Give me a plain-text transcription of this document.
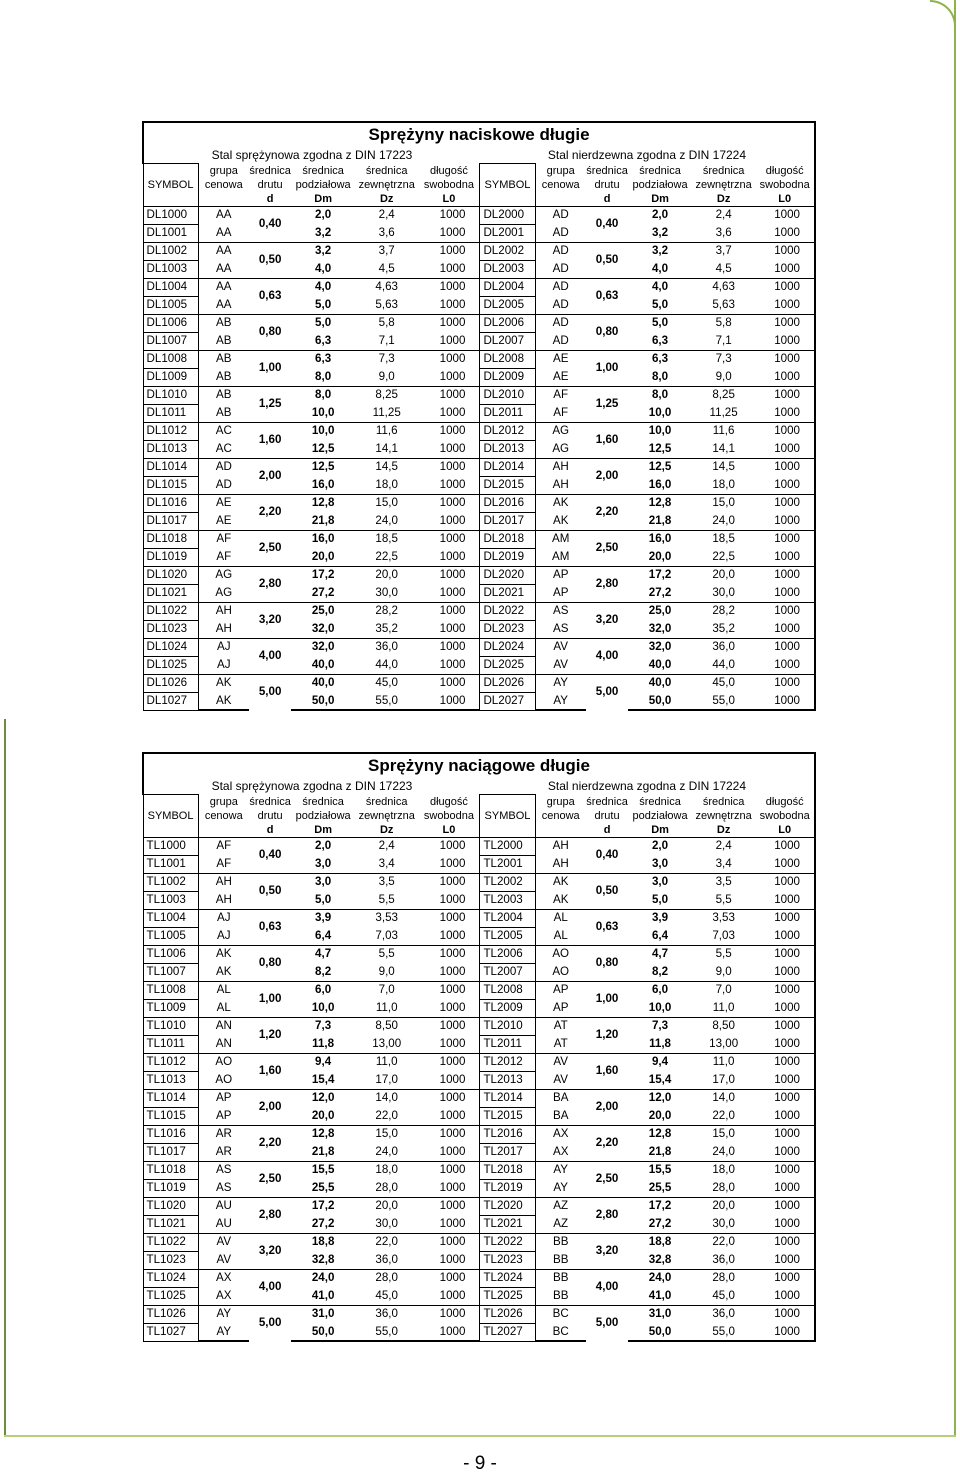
Sprężyny naciskowe długie											
Stal sprężynowa zgodna z DIN 17223						Stal nierdzewna zgodna z DIN 17224					
SYMBOL	grupa	średnica	średnica	średnica	długość	SYMBOL	grupa	średnica	średnica	średnica	długość
	cenowa	drutu	podziałowa	zewnętrzna	swobodna		cenowa	drutu	podziałowa	zewnętrzna	swobodna
		d	Dm	Dz	L0			d	Dm	Dz	L0
DL1000	AA	0,40	2,0	2,4	1000	DL2000	AD	0,40	2,0	2,4	1000
DL1001	AA		3,2	3,6	1000	DL2001	AD		3,2	3,6	1000
DL1002	AA	0,50	3,2	3,7	1000	DL2002	AD	0,50	3,2	3,7	1000
DL1003	AA		4,0	4,5	1000	DL2003	AD		4,0	4,5	1000
DL1004	AA	0,63	4,0	4,63	1000	DL2004	AD	0,63	4,0	4,63	1000
DL1005	AA		5,0	5,63	1000	DL2005	AD		5,0	5,63	1000
DL1006	AB	0,80	5,0	5,8	1000	DL2006	AD	0,80	5,0	5,8	1000
DL1007	AB		6,3	7,1	1000	DL2007	AD		6,3	7,1	1000
DL1008	AB	1,00	6,3	7,3	1000	DL2008	AE	1,00	6,3	7,3	1000
DL1009	AB		8,0	9,0	1000	DL2009	AE		8,0	9,0	1000
DL1010	AB	1,25	8,0	8,25	1000	DL2010	AF	1,25	8,0	8,25	1000
DL1011	AB		10,0	11,25	1000	DL2011	AF		10,0	11,25	1000
DL1012	AC	1,60	10,0	11,6	1000	DL2012	AG	1,60	10,0	11,6	1000
DL1013	AC		12,5	14,1	1000	DL2013	AG		12,5	14,1	1000
DL1014	AD	2,00	12,5	14,5	1000	DL2014	AH	2,00	12,5	14,5	1000
DL1015	AD		16,0	18,0	1000	DL2015	AH		16,0	18,0	1000
DL1016	AE	2,20	12,8	15,0	1000	DL2016	AK	2,20	12,8	15,0	1000
DL1017	AE		21,8	24,0	1000	DL2017	AK		21,8	24,0	1000
DL1018	AF	2,50	16,0	18,5	1000	DL2018	AM	2,50	16,0	18,5	1000
DL1019	AF		20,0	22,5	1000	DL2019	AM		20,0	22,5	1000
DL1020	AG	2,80	17,2	20,0	1000	DL2020	AP	2,80	17,2	20,0	1000
DL1021	AG		27,2	30,0	1000	DL2021	AP		27,2	30,0	1000
DL1022	AH	3,20	25,0	28,2	1000	DL2022	AS	3,20	25,0	28,2	1000
DL1023	AH		32,0	35,2	1000	DL2023	AS		32,0	35,2	1000
DL1024	AJ	4,00	32,0	36,0	1000	DL2024	AV	4,00	32,0	36,0	1000
DL1025	AJ		40,0	44,0	1000	DL2025	AV		40,0	44,0	1000
DL1026	AK	5,00	40,0	45,0	1000	DL2026	AY	5,00	40,0	45,0	1000
DL1027	AK		50,0	55,0	1000	DL2027	AY		50,0	55,0	1000
Sprężyny naciągowe długie											
Stal sprężynowa zgodna z DIN 17223						Stal nierdzewna zgodna z DIN 17224					
SYMBOL	grupa	średnica	średnica	średnica	długość	SYMBOL	grupa	średnica	średnica	średnica	długość
	cenowa	drutu	podziałowa	zewnętrzna	swobodna		cenowa	drutu	podziałowa	zewnętrzna	swobodna
		d	Dm	Dz	L0			d	Dm	Dz	L0
TL1000	AF	0,40	2,0	2,4	1000	TL2000	AH	0,40	2,0	2,4	1000
TL1001	AF		3,0	3,4	1000	TL2001	AH		3,0	3,4	1000
TL1002	AH	0,50	3,0	3,5	1000	TL2002	AK	0,50	3,0	3,5	1000
TL1003	AH		5,0	5,5	1000	TL2003	AK		5,0	5,5	1000
TL1004	AJ	0,63	3,9	3,53	1000	TL2004	AL	0,63	3,9	3,53	1000
TL1005	AJ		6,4	7,03	1000	TL2005	AL		6,4	7,03	1000
TL1006	AK	0,80	4,7	5,5	1000	TL2006	AO	0,80	4,7	5,5	1000
TL1007	AK		8,2	9,0	1000	TL2007	AO		8,2	9,0	1000
TL1008	AL	1,00	6,0	7,0	1000	TL2008	AP	1,00	6,0	7,0	1000
TL1009	AL		10,0	11,0	1000	TL2009	AP		10,0	11,0	1000
TL1010	AN	1,20	7,3	8,50	1000	TL2010	AT	1,20	7,3	8,50	1000
TL1011	AN		11,8	13,00	1000	TL2011	AT		11,8	13,00	1000
TL1012	AO	1,60	9,4	11,0	1000	TL2012	AV	1,60	9,4	11,0	1000
TL1013	AO		15,4	17,0	1000	TL2013	AV		15,4	17,0	1000
TL1014	AP	2,00	12,0	14,0	1000	TL2014	BA	2,00	12,0	14,0	1000
TL1015	AP		20,0	22,0	1000	TL2015	BA		20,0	22,0	1000
TL1016	AR	2,20	12,8	15,0	1000	TL2016	AX	2,20	12,8	15,0	1000
TL1017	AR		21,8	24,0	1000	TL2017	AX		21,8	24,0	1000
TL1018	AS	2,50	15,5	18,0	1000	TL2018	AY	2,50	15,5	18,0	1000
TL1019	AS		25,5	28,0	1000	TL2019	AY		25,5	28,0	1000
TL1020	AU	2,80	17,2	20,0	1000	TL2020	AZ	2,80	17,2	20,0	1000
TL1021	AU		27,2	30,0	1000	TL2021	AZ		27,2	30,0	1000
TL1022	AV	3,20	18,8	22,0	1000	TL2022	BB	3,20	18,8	22,0	1000
TL1023	AV		32,8	36,0	1000	TL2023	BB		32,8	36,0	1000
TL1024	AX	4,00	24,0	28,0	1000	TL2024	BB	4,00	24,0	28,0	1000
TL1025	AX		41,0	45,0	1000	TL2025	BB		41,0	45,0	1000
TL1026	AY	5,00	31,0	36,0	1000	TL2026	BC	5,00	31,0	36,0	1000
TL1027	AY		50,0	55,0	1000	TL2027	BC		50,0	55,0	1000
- 9 -
